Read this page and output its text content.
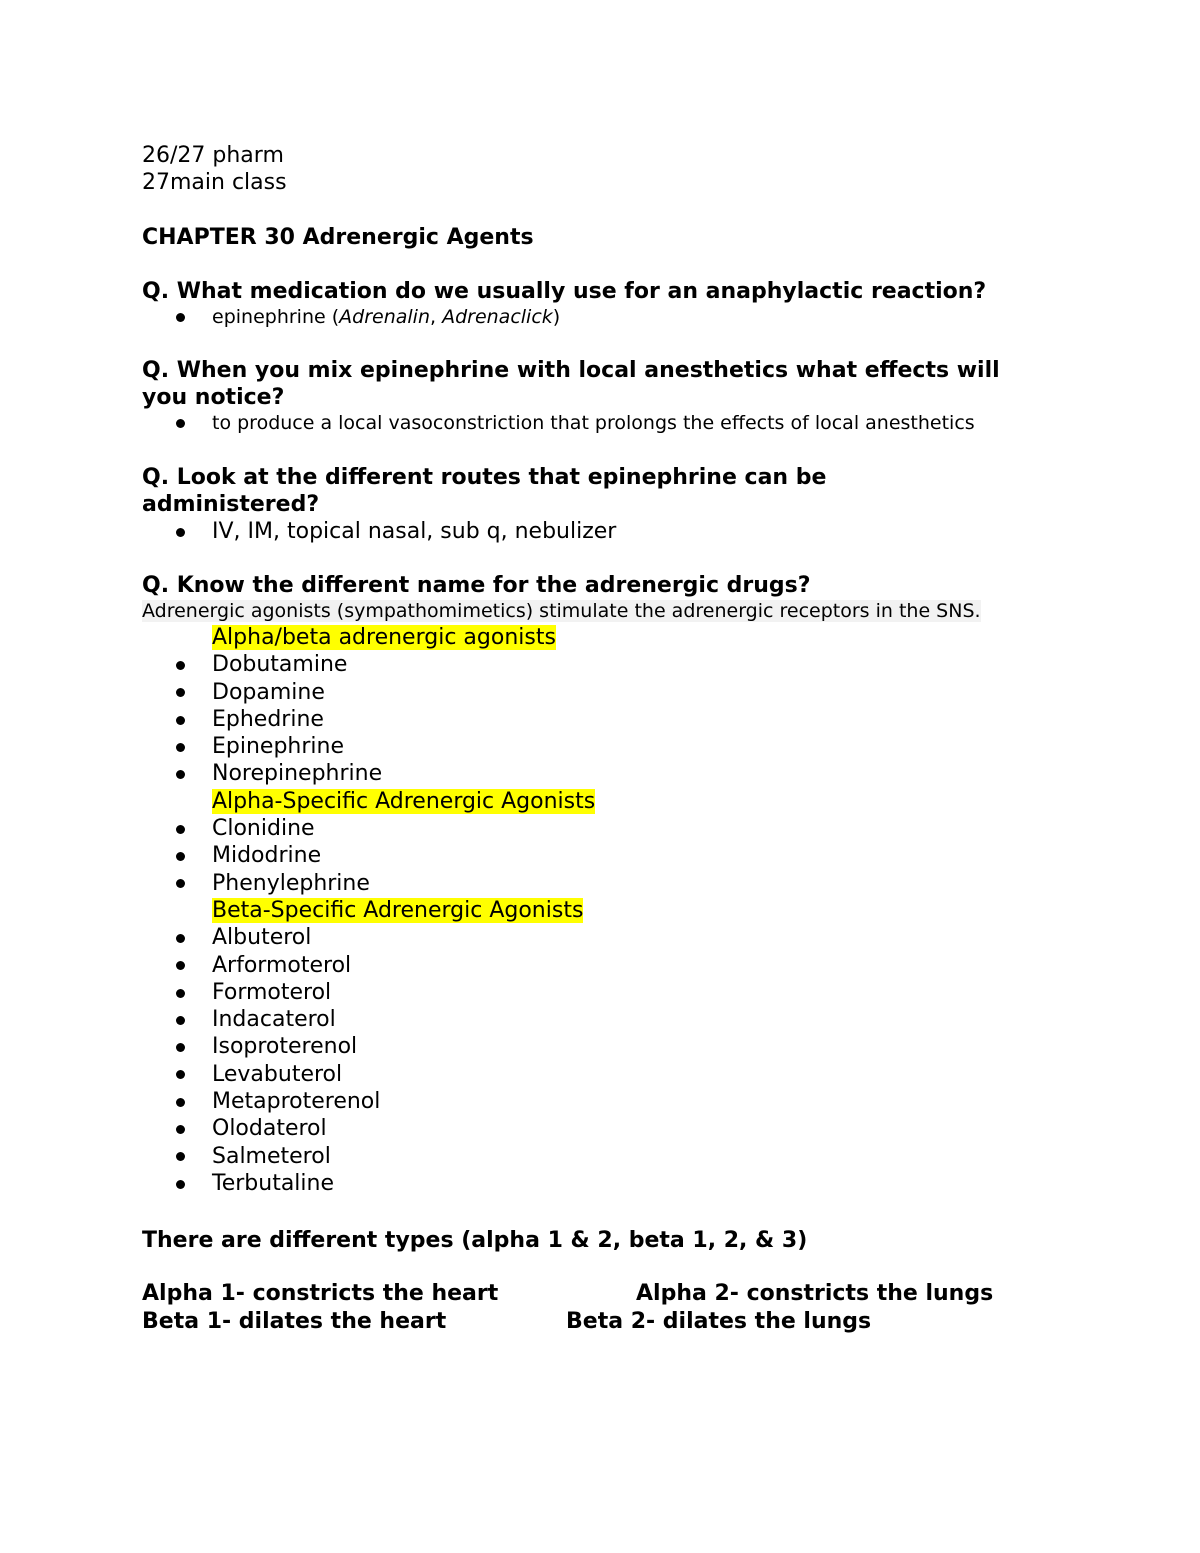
26/27 pharm

27main class

CHAPTER 30 Adrenergic Agents

Q. What medication do we usually use for an anaphylactic reaction?

epinephrine (Adrenalin, Adrenaclick)

Q. When you mix epinephrine with local anesthetics what effects will

you notice?

to produce a local vasoconstriction that prolongs the effects of local anesthetics

Q. Look at the different routes that epinephrine can be

administered?

IV, IM, topical nasal, sub q, nebulizer

Q. Know the different name for the adrenergic drugs?

Adrenergic agonists (sympathomimetics) stimulate the adrenergic receptors in the SNS.

Alpha/beta adrenergic agonists
Dobutamine
Dopamine
Ephedrine
Epinephrine
Norepinephrine
Alpha-Specific Adrenergic Agonists
Clonidine
Midodrine
Phenylephrine
Beta-Specific Adrenergic Agonists
Albuterol
Arformoterol
Formoterol
Indacaterol
Isoproterenol
Levabuterol
Metaproterenol
Olodaterol
Salmeterol
Terbutaline

There are different types (alpha 1 & 2, beta 1, 2, & 3)

Alpha 1- constricts the heart	Alpha 2- constricts the lungs

Beta 1- dilates the heart	Beta 2- dilates the lungs
